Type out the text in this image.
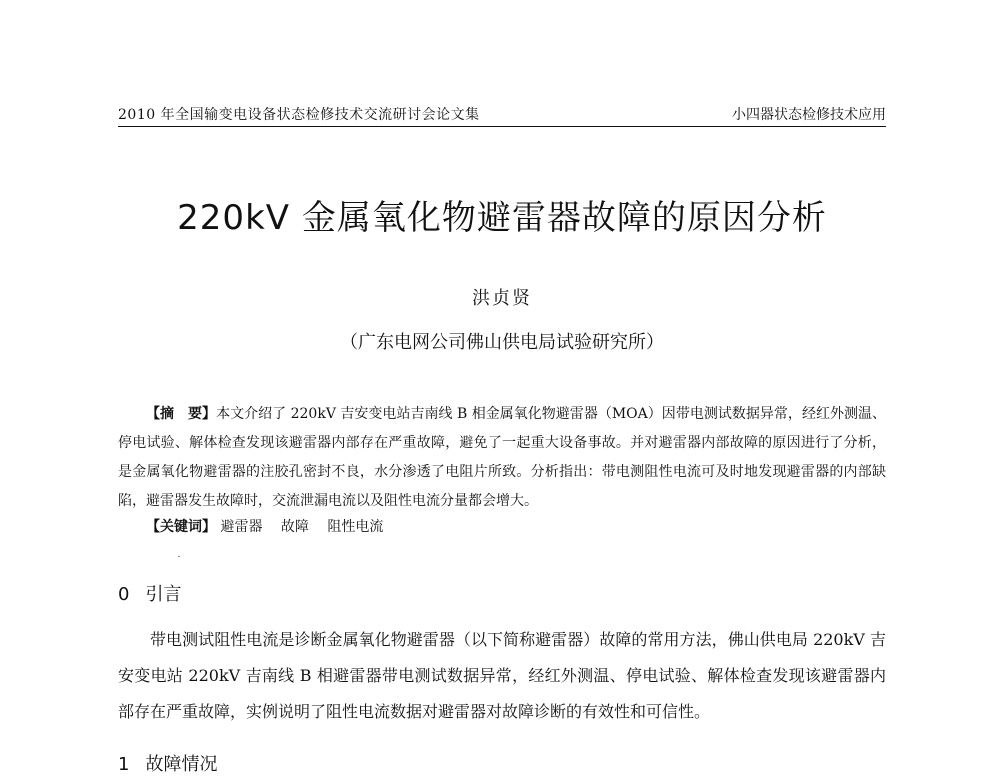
2010 年全国输变电设备状态检修技术交流研讨会论文集	小四器状态检修技术应用
220kV 金属氧化物避雷器故障的原因分析
洪贞贤
（广东电网公司佛山供电局试验研究所）

【摘　要】本文介绍了 220kV 吉安变电站吉南线 B 相金属氧化物避雷器（MOA）因带电测试数据异常，经红外测温、停电试验、解体检查发现该避雷器内部存在严重故障，避免了一起重大设备事故。并对避雷器内部故障的原因进行了分析，是金属氧化物避雷器的注胶孔密封不良，水分渗透了电阻片所致。分析指出：带电测阻性电流可及时地发现避雷器的内部缺陷，避雷器发生故障时，交流泄漏电流以及阻性电流分量都会增大。

【关键词】 避雷器 故障 阻性电流
0 引言

带电测试阻性电流是诊断金属氧化物避雷器（以下简称避雷器）故障的常用方法，佛山供电局 220kV 吉安变电站 220kV 吉南线 B 相避雷器带电测试数据异常，经红外测温、停电试验、解体检查发现该避雷器内部存在严重故障，实例说明了阻性电流数据对避雷器对故障诊断的有效性和可信性。

1 故障情况
